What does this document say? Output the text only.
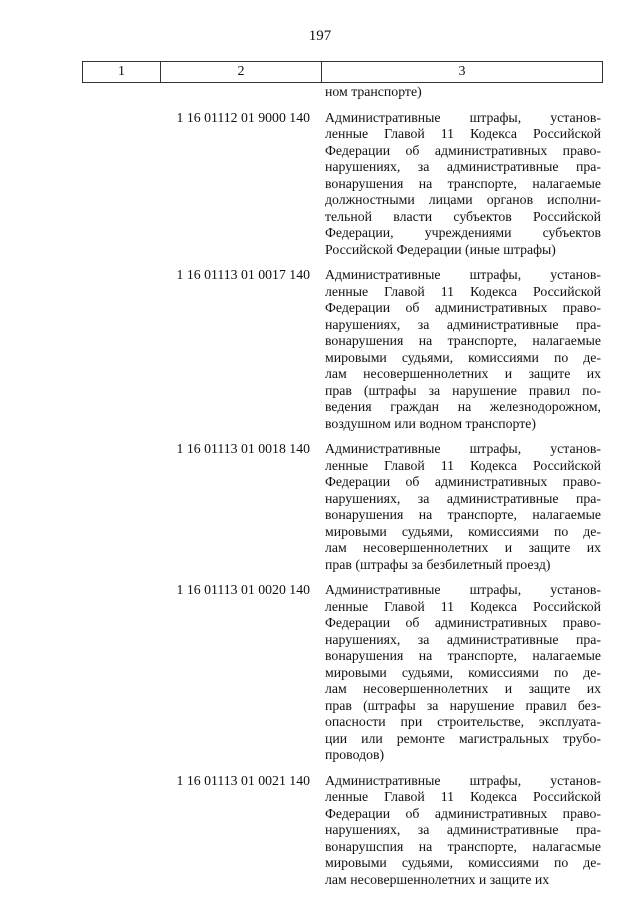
197
1	2	3
ном транспорте)
1 16 01112 01 9000 140 Административные штрафы, установ-
ленные Главой 11 Кодекса Российской
Федерации об административных право-
нарушениях, за административные пра-
вонарушения на транспорте, налагаемые
должностными лицами органов исполни-
тельной власти субъектов Российской
Федерации, учреждениями субъектов
Российской Федерации (иные штрафы)
1 16 01113 01 0017 140 Административные штрафы, установ-
ленные Главой 11 Кодекса Российской
Федерации об административных право-
нарушениях, за административные пра-
вонарушения на транспорте, налагаемые
мировыми судьями, комиссиями по де-
лам несовершеннолетних и защите их
прав (штрафы за нарушение правил по-
ведения граждан на железнодорожном,
воздушном или водном транспорте)
1 16 01113 01 0018 140 Административные штрафы, установ-
ленные Главой 11 Кодекса Российской
Федерации об административных право-
нарушениях, за административные пра-
вонарушения на транспорте, налагаемые
мировыми судьями, комиссиями по де-
лам несовершеннолетних и защите их
прав (штрафы за безбилетный проезд)
1 16 01113 01 0020 140 Административные штрафы, установ-
ленные Главой 11 Кодекса Российской
Федерации об административных право-
нарушениях, за административные пра-
вонарушения на транспорте, налагаемые
мировыми судьями, комиссиями по де-
лам несовершеннолетних и защите их
прав (штрафы за нарушение правил без-
опасности при строительстве, эксплуата-
ции или ремонте магистральных трубо-
проводов)
1 16 01113 01 0021 140 Административные штрафы, установ-
ленные Главой 11 Кодекса Российской
Федерации об административных право-
нарушениях, за административные пра-
вонарушспия на транспорте, налагасмые
мировыми судьями, комиссиями по де-
лам несовершеннолетних и защите их
